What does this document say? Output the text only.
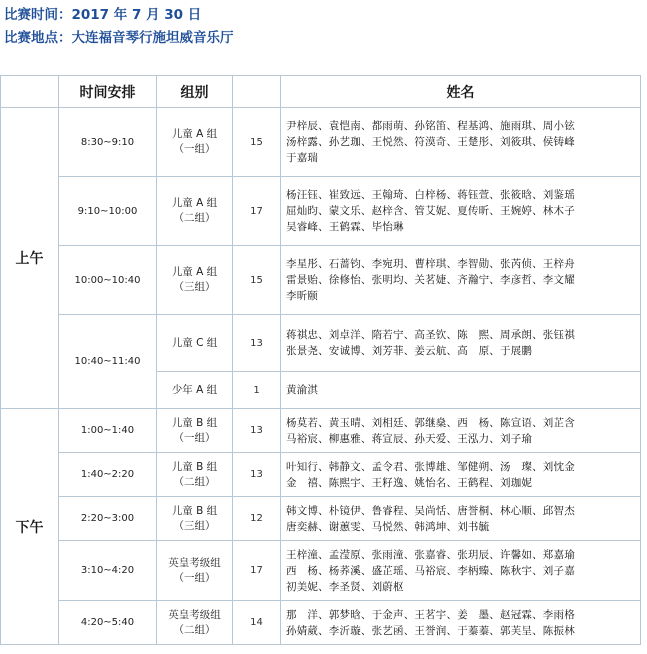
比赛时间：2017 年 7 月 30 日
比赛地点：大连福音琴行施坦威音乐厅
	时间安排	组别		姓名
上午	8:30~9:10	儿童 A 组
（一组）	15	尹梓辰、袁恺南、都雨萌、孙铭笛、程基鸿、施雨琪、周小铉
汤梓露、孙艺珈、王悦然、符漠奇、王楚彤、刘筱琪、侯铸峰
于嘉瑞
	9:10~10:00	儿童 A 组
（二组）	17	杨汪钰、崔致远、王翰琦、白梓杨、蒋钰萱、张筱晗、刘鉴瑶
屈灿昀、蒙文乐、赵梓含、管艾妮、夏传昕、王婉婷、林木子
吴睿峰、王鹤霖、毕怡琳
	10:00~10:40	儿童 A 组
（三组）	15	李星彤、石蔷钧、李宛玥、曹梓琪、李智勋、张芮侦、王梓舟
雷景贻、徐修怡、张明均、关茗婕、齐瀚宁、李彦哲、李文耀
李昕颐
	10:40~11:40	儿童 C 组	13	蒋祺忠、刘卓洋、隋若宁、高圣钦、陈　熙、周承朗、张钰祺
张景尧、安诚博、刘芳菲、姜云航、高　原、于展鹏
		少年 A 组	1	黄渝淇
下午	1:00~1:40	儿童 B 组
（一组）	13	杨莫若、黄玉晴、刘相廷、郭继燊、西　杨、陈宣语、刘芷含
马裕宸、柳惠雅、蒋宣辰、孙天爱、王泓力、刘子瑜
	1:40~2:20	儿童 B 组
（二组）	13	叶知行、韩静文、孟令君、张博雄、邹健朔、汤　璨、刘忱金
金　禧、陈熙宇、王籽逸、姚怡名、王鹤程、刘珈妮
	2:20~3:00	儿童 B 组
（三组）	12	韩文博、朴镜伊、鲁睿程、吴尚恬、唐誉桐、林心顺、邱智杰
唐奕赫、谢蕙雯、马悦然、韩鸿坤、刘书毓
	3:10~4:20	英皇考级组
（一组）	17	王梓潼、孟滢原、张雨潼、张嘉睿、张玥辰、许馨如、郑嘉瑜
西　杨、杨荞溪、盛芷瑶、马裕宸、李柄臻、陈秋宇、刘子嘉
初美妮、李圣贤、刘蔚枢
	4:20~5:40	英皇考级组
（二组）	14	那　洋、郭梦晗、于金声、王茗宇、姜　墨、赵冠霖、李雨格
孙婧葳、李沂璇、张艺函、王誉润、于蓁蓁、郭芙呈、陈振林
